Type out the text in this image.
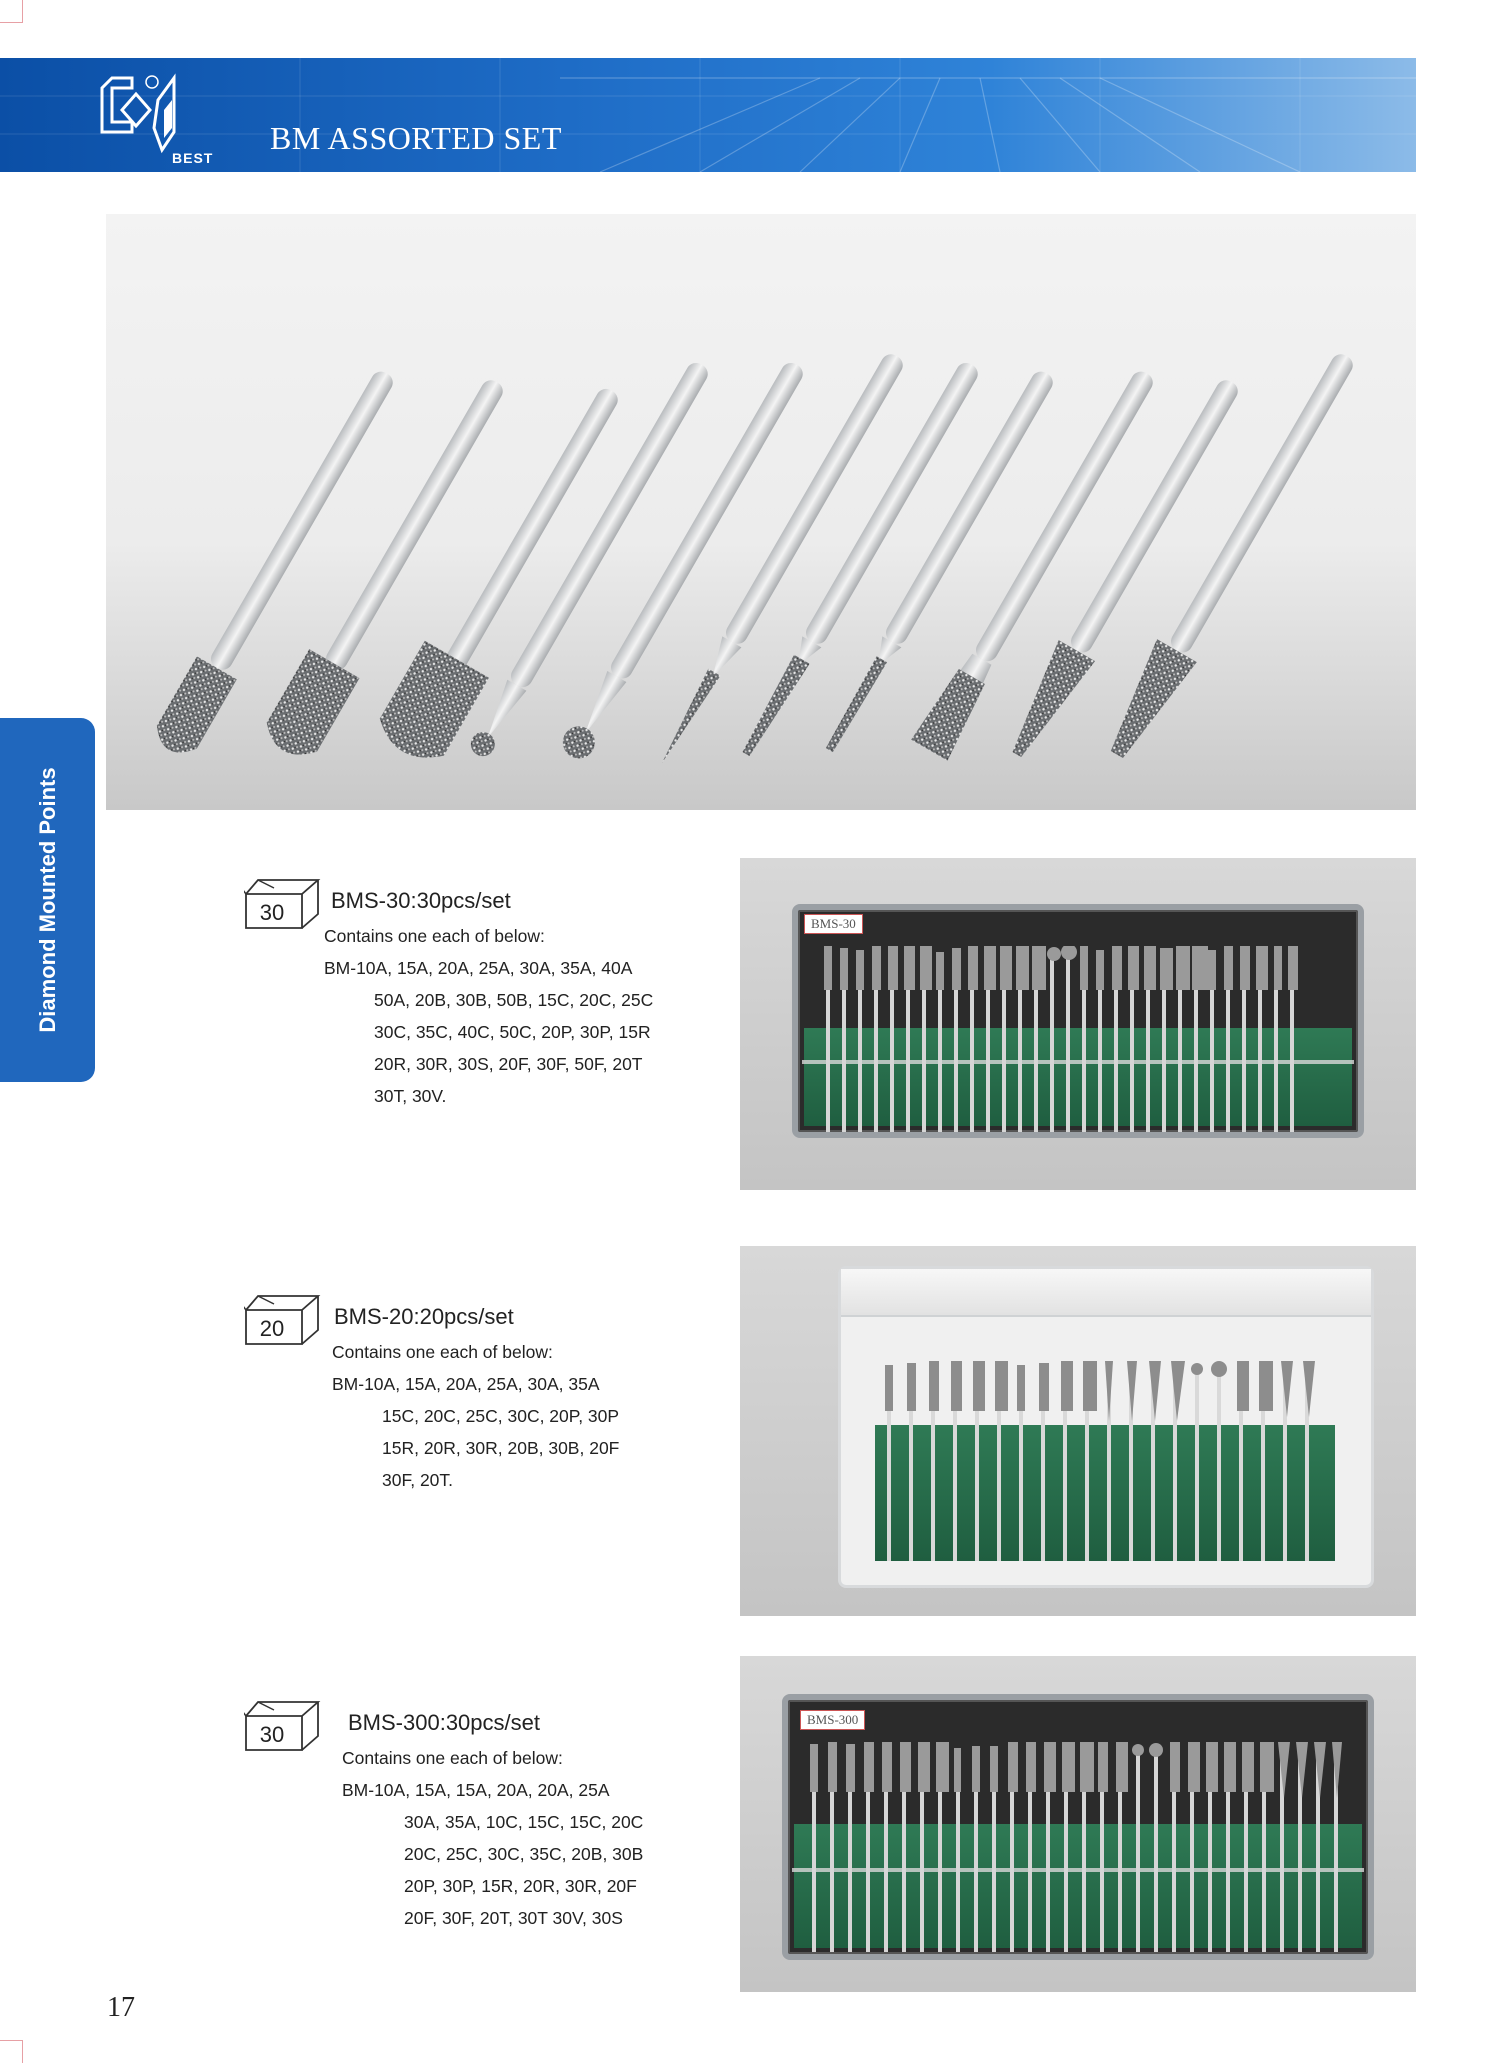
BEST
BM ASSORTED SET
Diamond Mounted Points	30	BMS-30:30pcs/set
Contains one each of below:
BM-10A, 15A, 20A, 25A, 30A, 35A, 40A
50A, 20B, 30B, 50B, 15C, 20C, 25C
30C, 35C, 40C, 50C, 20P, 30P, 15R
20R, 30R, 30S, 20F, 30F, 50F, 20T
30T, 30V.
BMS-30
20	BMS-20:20pcs/set
Contains one each of below:
BM-10A, 15A, 20A, 25A, 30A, 35A
15C, 20C, 25C, 30C, 20P, 30P
15R, 20R, 30R, 20B, 30B, 20F
30F, 20T.
30	BMS-300:30pcs/set
Contains one each of below:
BM-10A, 15A, 15A, 20A, 20A, 25A
30A, 35A, 10C, 15C, 15C, 20C
20C, 25C, 30C, 35C, 20B, 30B
20P, 30P, 15R, 20R, 30R, 20F
20F, 30F, 20T, 30T 30V, 30S
BMS-300
17
